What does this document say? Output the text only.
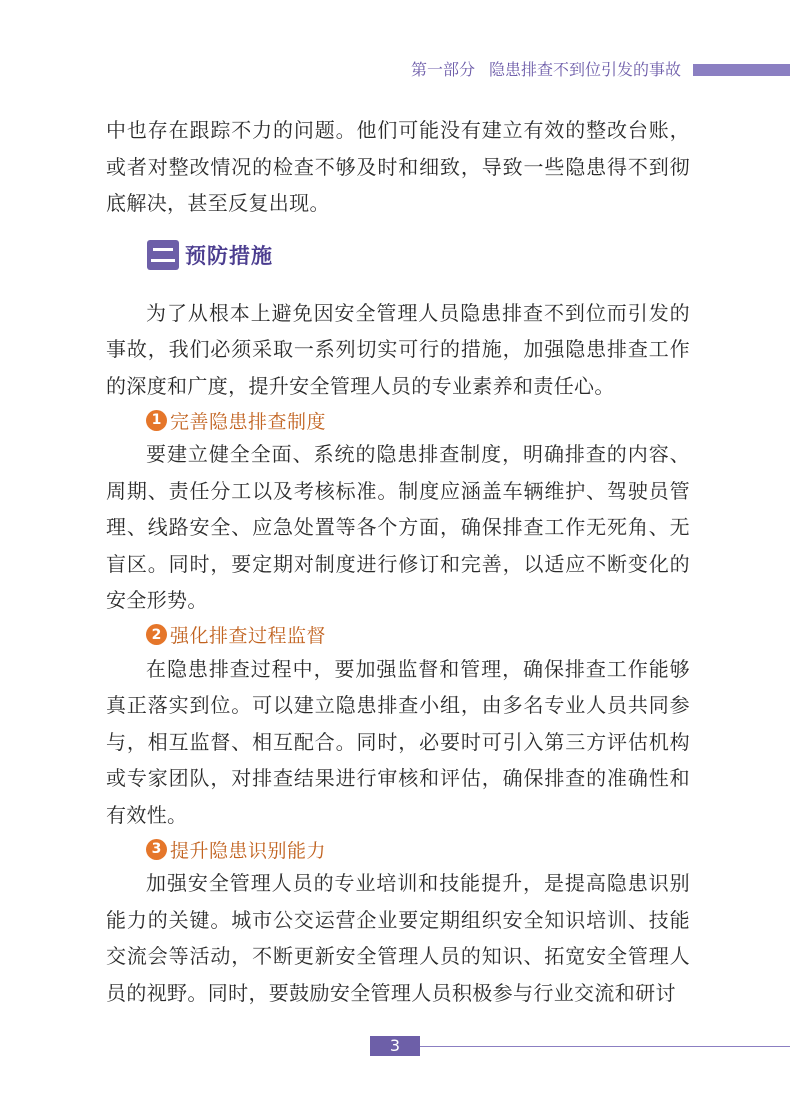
第一部分 隐患排查不到位引发的事故

中也存在跟踪不力的问题。他们可能没有建立有效的整改台账，或者对整改情况的检查不够及时和细致，导致一些隐患得不到彻底解决，甚至反复出现。

为了从根本上避免因安全管理人员隐患排查不到位而引发的事故，我们必须采取一系列切实可行的措施，加强隐患排查工作的深度和广度，提升安全管理人员的专业素养和责任心。

1 完善隐患排查制度

要建立健全全面、系统的隐患排查制度，明确排查的内容、周期、责任分工以及考核标准。制度应涵盖车辆维护、驾驶员管理、线路安全、应急处置等各个方面，确保排查工作无死角、无盲区。同时，要定期对制度进行修订和完善，以适应不断变化的安全形势。

2 强化排查过程监督

在隐患排查过程中，要加强监督和管理，确保排查工作能够真正落实到位。可以建立隐患排查小组，由多名专业人员共同参与，相互监督、相互配合。同时，必要时可引入第三方评估机构或专家团队，对排查结果进行审核和评估，确保排查的准确性和有效性。

3 提升隐患识别能力

加强安全管理人员的专业培训和技能提升，是提高隐患识别能力的关键。城市公交运营企业要定期组织安全知识培训、技能交流会等活动，不断更新安全管理人员的知识、拓宽安全管理人员的视野。同时，要鼓励安全管理人员积极参与行业交流和研讨

预防措施
3
